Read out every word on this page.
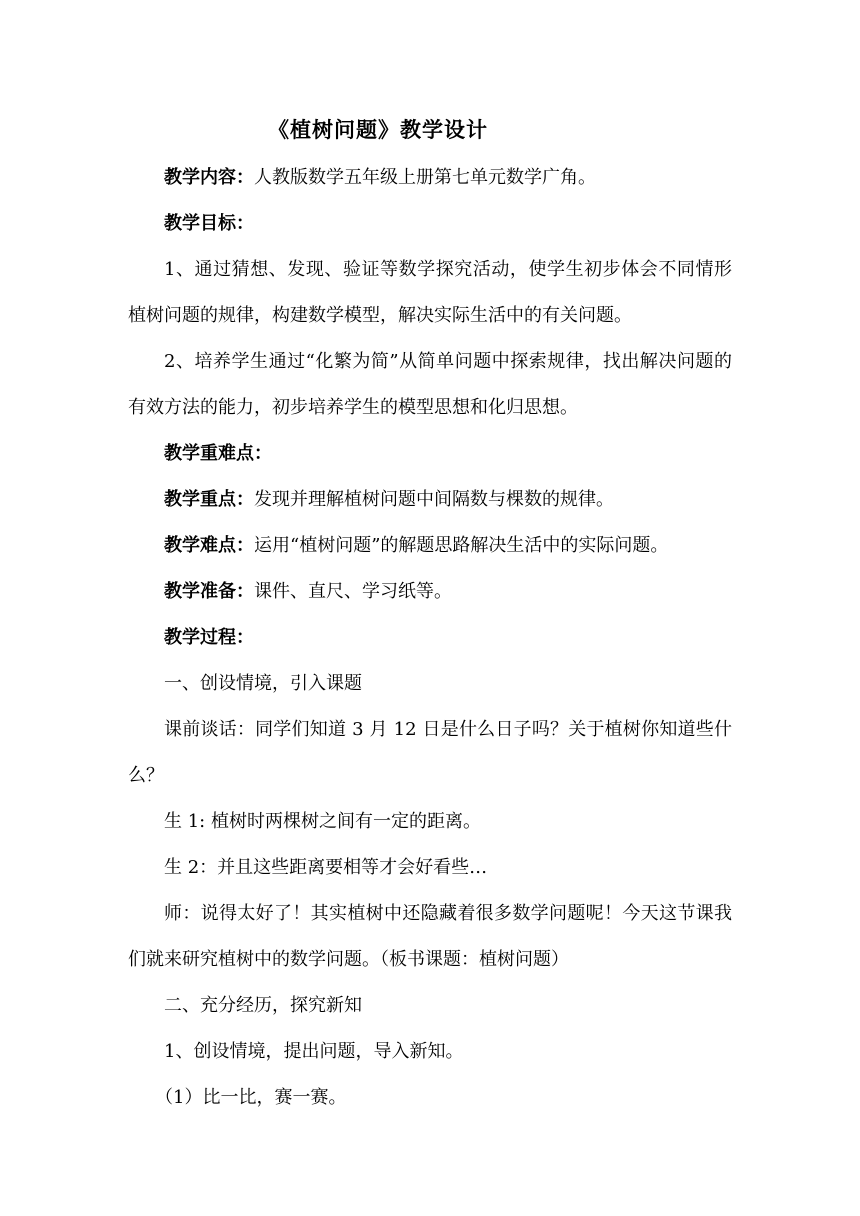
《植树问题》教学设计

教学内容：人教版数学五年级上册第七单元数学广角。

教学目标：

1、通过猜想、发现、验证等数学探究活动，使学生初步体会不同情形植树问题的规律，构建数学模型，解决实际生活中的有关问题。

2、培养学生通过“化繁为简”从简单问题中探索规律，找出解决问题的有效方法的能力，初步培养学生的模型思想和化归思想。

教学重难点：

教学重点：发现并理解植树问题中间隔数与棵数的规律。

教学难点：运用“植树问题”的解题思路解决生活中的实际问题。

教学准备：课件、直尺、学习纸等。

教学过程：

一、创设情境，引入课题

课前谈话：同学们知道 3 月 12 日是什么日子吗？关于植树你知道些什么？

生 1: 植树时两棵树之间有一定的距离。

生 2：并且这些距离要相等才会好看些…

师：说得太好了！其实植树中还隐藏着很多数学问题呢！今天这节课我们就来研究植树中的数学问题。（板书课题：植树问题）

二、充分经历，探究新知

1、创设情境，提出问题，导入新知。

（1）比一比，赛一赛。
